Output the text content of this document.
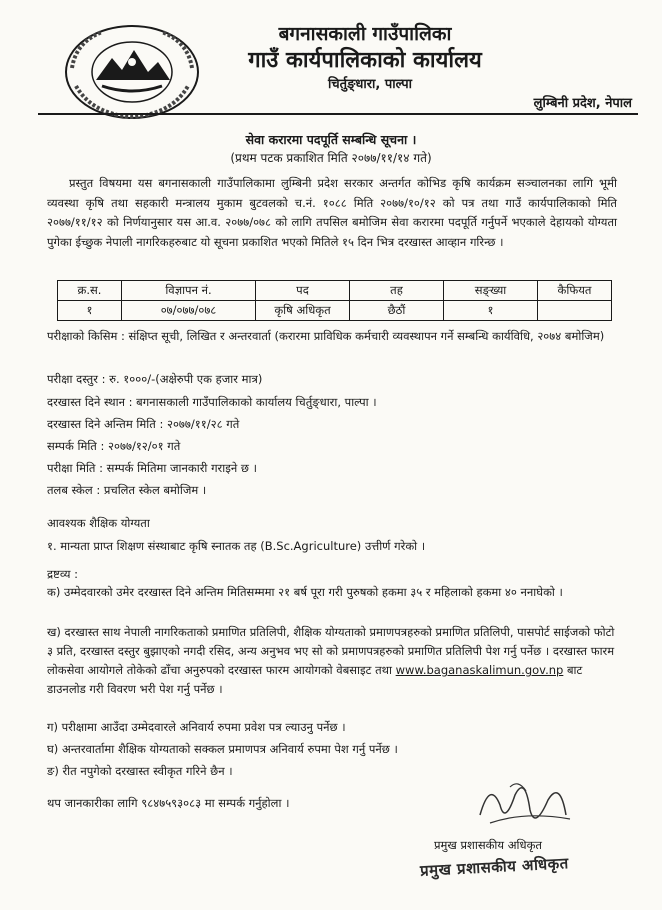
बगनासकाली गाउँपालिका
गाउँ कार्यपालिकाको कार्यालय
चिर्तुङ्धारा, पाल्पा
लुम्बिनी प्रदेश, नेपाल
सेवा करारमा पदपूर्ति सम्बन्धि सूचना ।
(प्रथम पटक प्रकाशित मिति २०७७/११/१४ गते)
प्रस्तुत विषयमा यस बगनासकाली गाउँपालिकामा लुम्बिनी प्रदेश सरकार अन्तर्गत कोभिड कृषि कार्यक्रम सञ्चालनका लागि भूमी व्यवस्था कृषि तथा सहकारी मन्त्रालय मुकाम बुटवलको च.नं. १०८८ मिति २०७७/१०/१२ को पत्र तथा गाउँ कार्यपालिकाको मिति २०७७/११/१२ को निर्णयानुसार यस आ.व. २०७७/०७८ को लागि तपसिल बमोजिम सेवा करारमा पदपूर्ति गर्नुपर्ने भएकाले देहायको योग्यता पुगेका ईच्छुक नेपाली नागरिकहरुबाट यो सूचना प्रकाशित भएको मितिले १५ दिन भित्र दरखास्त आव्हान गरिन्छ ।
क्र.स.	विज्ञापन नं.	पद	तह	सङ्ख्या	कैफियत
१	०७/०७७/०७८	कृषि अधिकृत	छैठौं	१	
परीक्षाको किसिम : संक्षिप्त सूची, लिखित र अन्तरवार्ता (करारमा प्राविधिक कर्मचारी व्यवस्थापन गर्ने सम्बन्धि कार्यविधि, २०७४ बमोजिम)
परीक्षा दस्तुर : रु. १०००/-(अक्षेरुपी एक हजार मात्र)
दरखास्त दिने स्थान : बगनासकाली गाउँपालिकाको कार्यालय चिर्तुङ्धारा, पाल्पा ।
दरखास्त दिने अन्तिम मिति : २०७७/११/२८ गते
सम्पर्क मिति : २०७७/१२/०१ गते
परीक्षा मिति : सम्पर्क मितिमा जानकारी गराइने छ ।
तलब स्केल : प्रचलित स्केल बमोजिम ।
आवश्यक शैक्षिक योग्यता
१. मान्यता प्राप्त शिक्षण संस्थाबाट कृषि स्नातक तह (B.Sc.Agriculture) उत्तीर्ण गरेको ।
द्रष्टव्य :
क) उम्मेदवारको उमेर दरखास्त दिने अन्तिम मितिसम्ममा २१ बर्ष पूरा गरी पुरुषको हकमा ३५ र महिलाको हकमा ४० ननाघेको ।
ख) दरखास्त साथ नेपाली नागरिकताको प्रमाणित प्रतिलिपी, शैक्षिक योग्यताको प्रमाणपत्रहरुको प्रमाणित प्रतिलिपी, पासपोर्ट साईजको फोटो ३ प्रति, दरखास्त दस्तुर बुझाएको नगदी रसिद, अन्य अनुभव भए सो को प्रमाणपत्रहरुको प्रमाणित प्रतिलिपी पेश गर्नु पर्नेछ । दरखास्त फारम लोकसेवा आयोगले तोकेको ढाँचा अनुरुपको दरखास्त फारम आयोगको वेबसाइट तथा www.baganaskalimun.gov.np बाट डाउनलोड गरी विवरण भरी पेश गर्नु पर्नेछ ।
ग) परीक्षामा आउँदा उम्मेदवारले अनिवार्य रुपमा प्रवेश पत्र ल्याउनु पर्नेछ ।
घ) अन्तरवार्तामा शैक्षिक योग्यताको सक्कल प्रमाणपत्र अनिवार्य रुपमा पेश गर्नु पर्नेछ ।
ङ) रीत नपुगेको दरखास्त स्वीकृत गरिने छैन ।
थप जानकारीका लागि ९८४७५९३०८३ मा सम्पर्क गर्नुहोला ।
प्रमुख प्रशासकीय अधिकृत
प्रमुख प्रशासकीय अधिकृत
